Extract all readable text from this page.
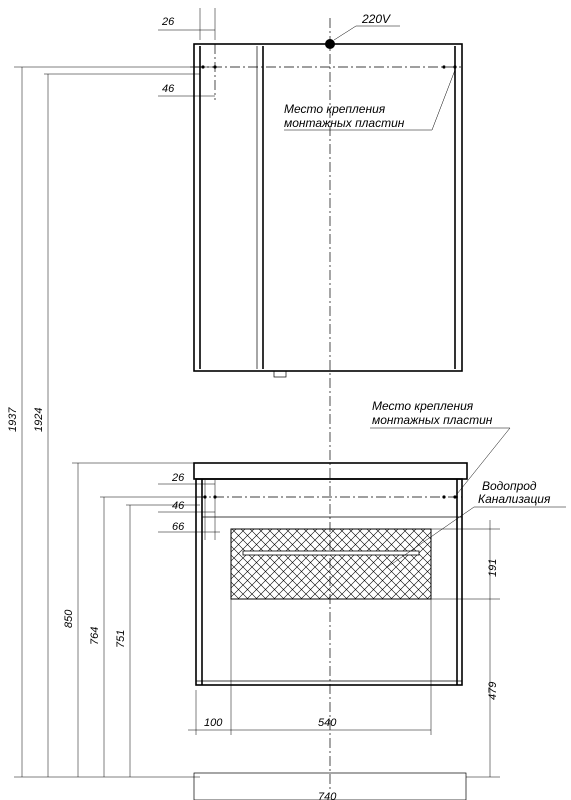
220V
26
46
Место крепления
монтажных пластин
Место крепления
монтажных пластин
Водопрод
Канализация
26
46
66
191
479
100	540
740
1937 1924
850
764 751
